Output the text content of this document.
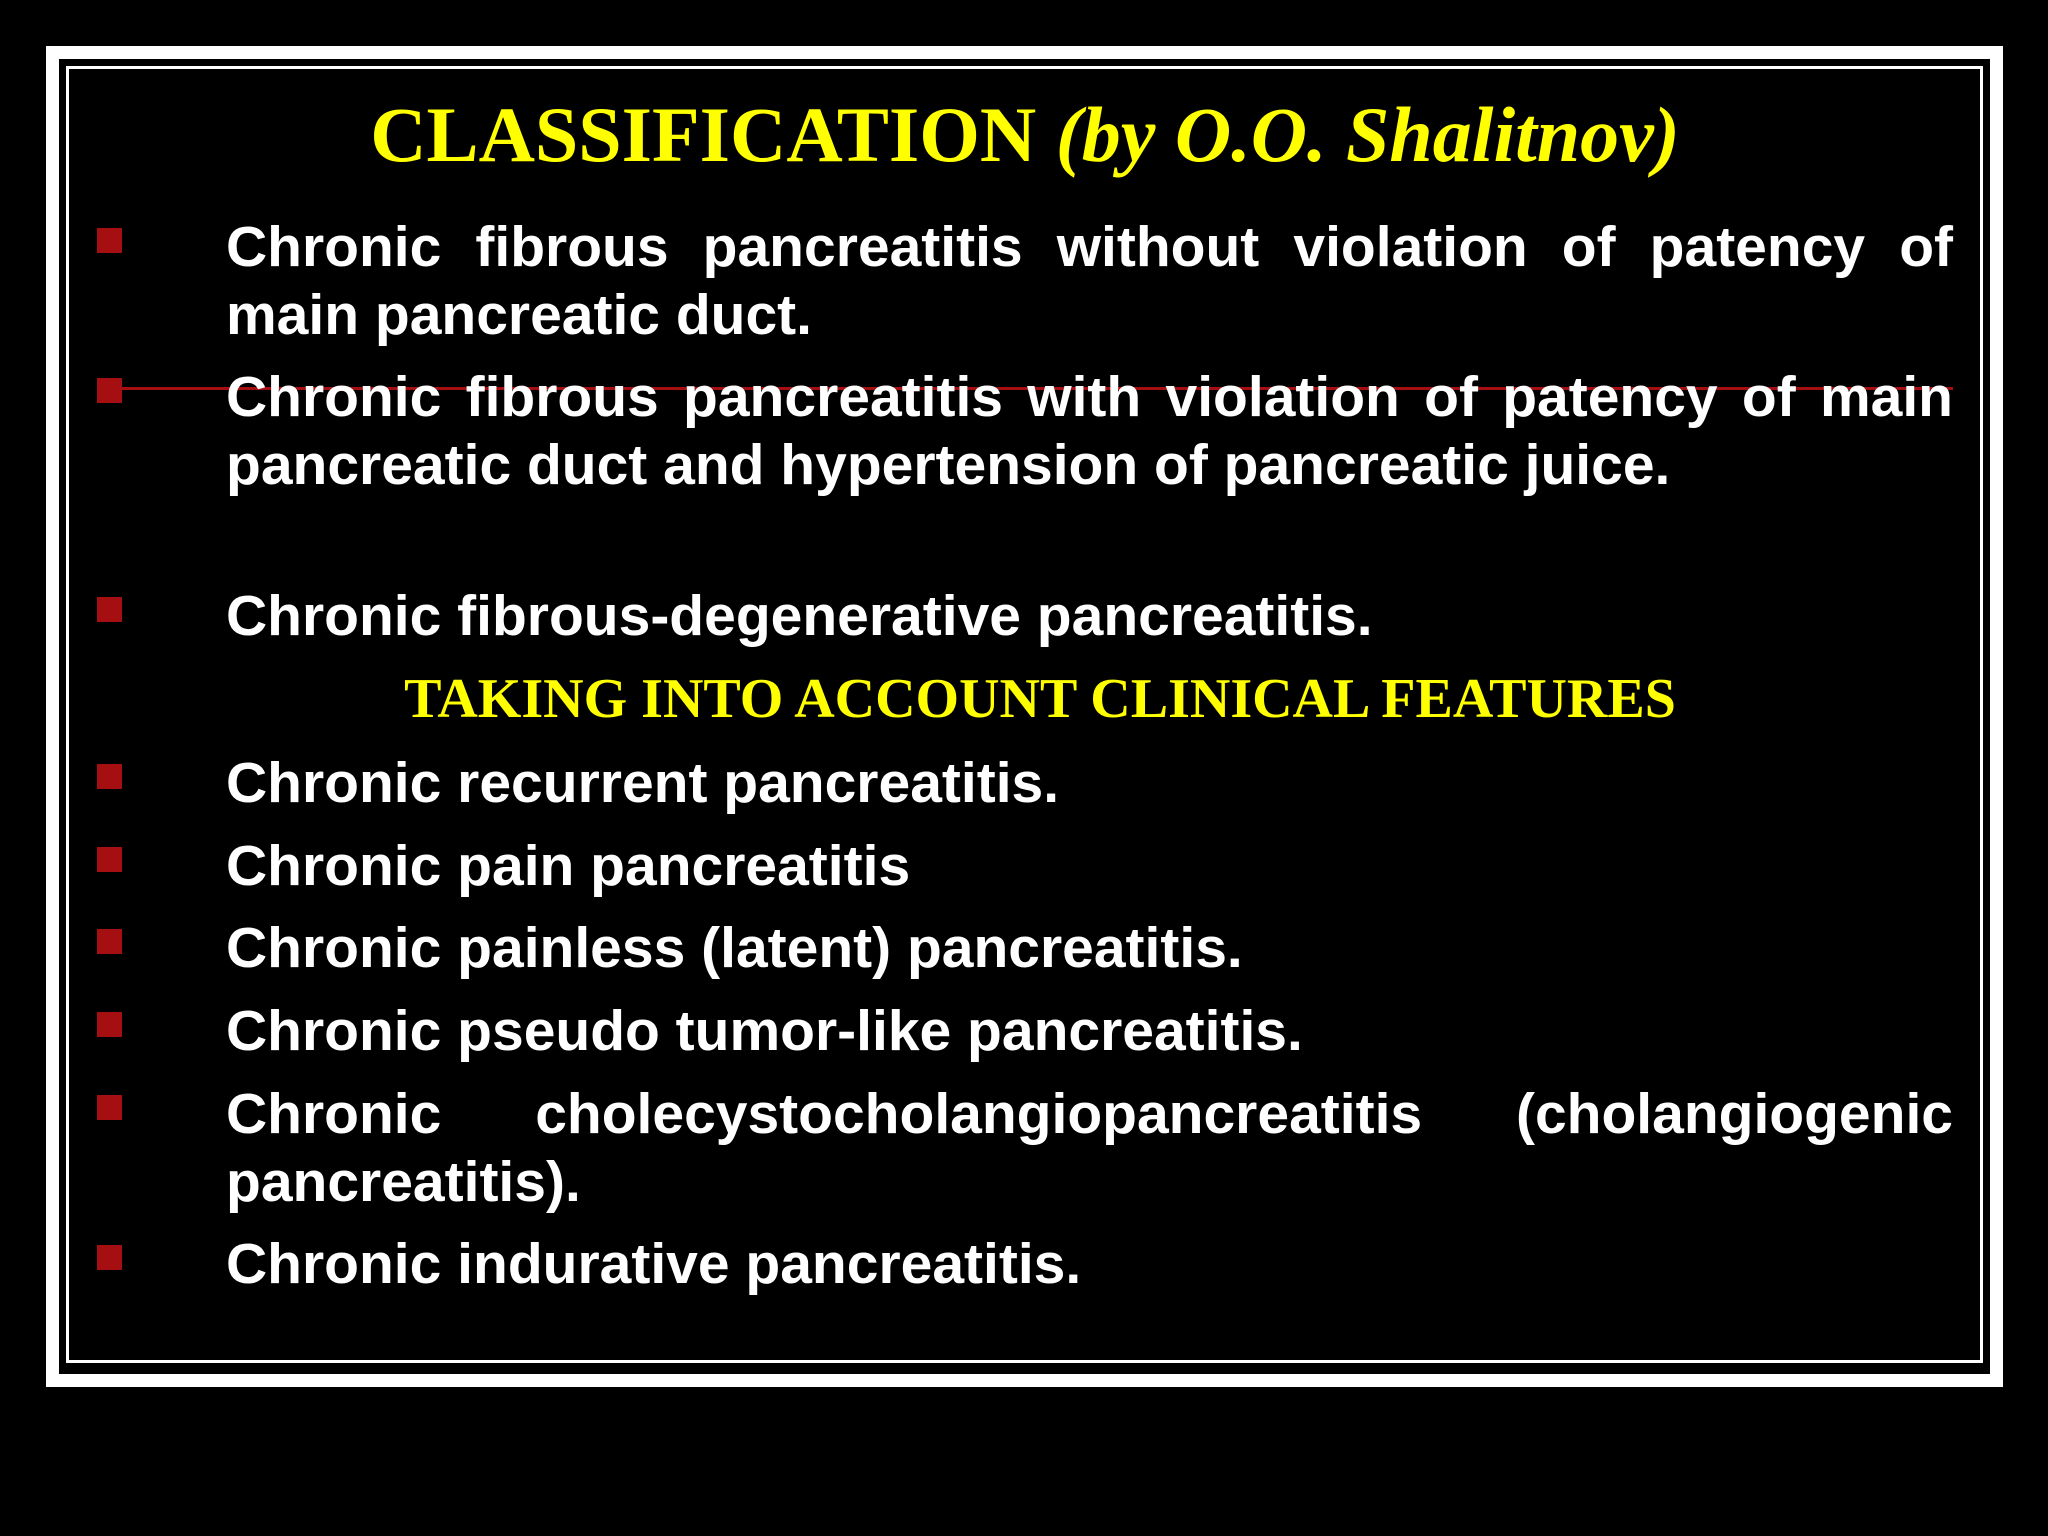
CLASSIFICATION (by O.O. Shalitnov)
Chronic fibrous pancreatitis without violation of patency of main pancreatic duct.
Chronic fibrous pancreatitis with violation of patency of main pancreatic duct and hypertension of pancreatic juice.
Chronic fibrous-degenerative pancreatitis.
TAKING INTO ACCOUNT CLINICAL FEATURES
Chronic recurrent pancreatitis.
Chronic pain pancreatitis
Chronic painless (latent) pancreatitis.
Chronic pseudo tumor-like pancreatitis.
Chronic cholecystocholangiopancreatitis (cholangiogenic pancreatitis).
Chronic indurative pancreatitis.
